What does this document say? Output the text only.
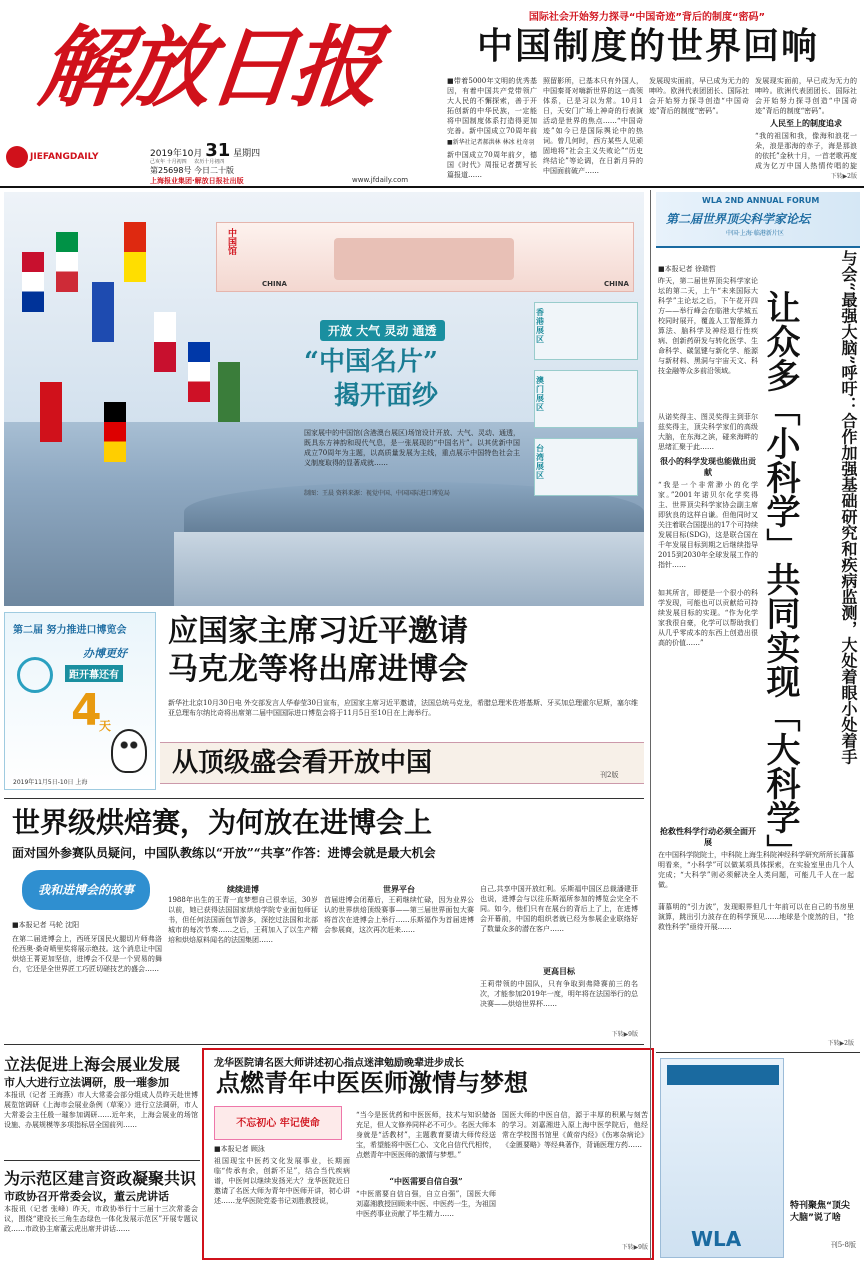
解放日报
JIEFANGDAILY	2019年10月 31 星期四
己亥年 十月初四 农历十月初四
第25698号 今日二十版
上海报业集团·解放日报社出版	www.jfdaily.com
国际社会开始努力探寻“中国奇迹”背后的制度“密码”
中国制度的世界回响
■带着5000年文明的优秀基因，有着中国共产党带领广大人民的不懈探索，善于开拓创新的中华民族，一定能将中国制度体系打造得更加完善。新中国成立70周年前
■新华社记者郝洪林 林冰 杜奇羽
新中国成立70周年前夕，德国《时代》周报记者撰写长篇报道……
照留影所，已基本只有外国人，中国秦哥对嗨新世界的这一高领体系，已是习以为常。10月1日，天安门广场上神奇的行表演活动是世界的焦点……“中国奇迹”如今已是国际舆论中的热词。曾几何时，西方某些人见顽固地将“社会主义失败论”“历史终结论”等论调，在日新月异的中国面前破产……
发展现实面前，早已成为无力的呻吟。欧洲代表团团长、国际社会开始努力探寻创造“中国奇迹”背后的制度“密码”。
发展现实面前，早已成为无力的呻吟。欧洲代表团团长、国际社会开始努力探寻创造“中国奇迹”背后的制度“密码”。
人民至上的制度追求
“我的祖国和我，像海和浪花一朵，浪是那海的赤子，海是那浪的依托”金秋十月，一首老歌再度成为亿万中国人热情传唱的旋
下转▶2版
中国馆
CHINA	CHINA
香港展区
澳门展区
台湾展区
开放 大气 灵动 通透
“中国名片”
揭开面纱
国家展中的中国馆(含港澳台展区)场馆设计开放、大气、灵动、通透，既具东方神韵和现代气息，是一张展现的“中国名片”。以其优新中国成立70周年为主题，以高质量发展为主线，重点展示中国特色社会主义制度取得的显著成就……
制图：王晨 资料来源：视觉中国、中国国际进口博览局
第二届 努力推进口博览会
办博更好
距开幕还有
4
天
2019年11月5日-10日 上海
应国家主席习近平邀请
马克龙等将出席进博会
新华社北京10月30日电 外交部发言人华春莹30日宣布，应国家主席习近平邀请，法国总统马克龙，希腊总理米佐塔基斯、牙买加总理霍尔尼斯，塞尔维亚总理布尔纳比奇将出席第二届中国国际进口博览会将于11月5日至10日在上海举行。
从顶级盛会看开放中国	刊2版
世界级烘焙赛，为何放在进博会上
面对国外参赛队员疑问，中国队教练以“开放”“共享”作答：进博会就是最大机会
我和进博会的故事
■本报记者 马轮 沈阳
在第二届进博会上，西班牙国民火腿切片师弗洛伦西奥·桑奇喷里奖将展示绝技。这个消息让中国烘焙王菁更加坚信，进博会不仅是一个贸易的舞台，它还是全世界匠工巧匠切磋技艺的盛会……
续续进博
1988年出生的王青一直梦想自己很幸运，30岁以前，她已获得法国国家烘焙学院专业面包师证书，但任何法国面包节游多，深挖过法国和北部城市的每次节奏……之后，王莉加入了以生产精培和烘焙原料闻名的法国集团……
世界平台
首届进博会闭幕后，王莉继续忙碌，因为业界公认的世界烘焙顶级赛事——第三届世界面包大赛将首次在进博会上举行……乐斯福作为首届进博会参展商，这次再次赶来……
自己,共享中国开放红利。乐斯福中国区总裁潘建菲也说，进博会与以往乐斯福所参加的博览会完全不同。如今，他们只有在展台的背后上了上，在进博会开幕前，中国的组织者就已经为参展企业联络好了数量众多的潜在客户……
更高目标
王莉带领的中国队，只有争取到弗降赛前三的名次，才能参加2019年一度，明年将在法国举行的总决赛——烘焙世界杯……
下转▶9版
立法促进上海会展业发展
市人大进行立法调研，殷一璀参加
本报讯（记者 王海燕）市人大常委会部分组成人员昨天赴世博展览馆调研《上海市会展业条例（草案）》进行立法调研，市人大常委会主任殷一璀参加调研……近年来，上海会展业的场馆设施、办展规模等多项指标居全国前列……
为示范区建言资政凝聚共识
市政协召开常委会议，董云虎讲话
本报讯（记者 张峰）昨天，市政协举行十三届十三次常委会议，围绕“建设长三角生态绿色一体化发展示范区”开展专题议政……市政协主席董云虎出席并讲话……
龙华医院请名医大师讲述初心指点迷津勉励晚辈进步成长
点燃青年中医医师激情与梦想
不忘初心 牢记使命
■本报记者 顾泳
祖国现宝中医药文化发展事业，长期面临“传承有余，创新不足”，结合当代疾病谱，中医何以继续发扬光大？龙华医院近日邀请了名医大师为青年中医师开讲，初心讲述……龙华医院党委书记刘胜教授说，
“当今是医优药和中医医师，技术与知识储备充足，但人文修养同样必不可少。名医大师本身就是“活教材”，主题教育要请大师传经送宝，希望能将中医仁心、文化自信代代相传，点燃青年中医医师的激情与梦想。”
“中医需要自信自强”
“中医需要自信自强，自立自强”，国医大师刘嘉湘教授回顾来中医、中医药一生，为祖国中医药事业贡献了毕生精力……
国医大师的中医自信，源于丰厚的积累与刻苦的学习。刘嘉湘进入原上海中医学院后，他经常在学校图书馆里《黄帝内经》《伤寒杂病论》《金匮要略》等经典著作，背诵医理方药……
下转▶9版
WLA 2ND ANNUAL FORUM
第二届世界顶尖科学家论坛
中国·上海·临港新片区
■本报记者 徐瑞哲
昨天，第二届世界顶尖科学家论坛的第二天，上午“未来国际大科学”主论坛之后，下午花开四方——举行峰会在临港大学城五校同时展开，覆盖人工智能算力算法、脑科学及神经退行性疾病、创新药研发与转化医学、生命科学、碳氢键与新化学、能源与新材料、黑洞与宇宙天文、科技金融等众多前沿领域。
从诺奖得主、图灵奖得主到菲尔兹奖得主，顶尖科学家们的高级大脑，在东海之滨，碰来海畔的思绪汇聚于此……
很小的科学发现也能做出贡献
“我是一个非常渺小的化学家。”2001年诺贝尔化学奖得主、世界顶尖科学家协会副主席即狄良的这样自谦。但他同时又关注着联合国提出的17个可持续发展目标(SDG)，这是联合国在千年发展目标到期之后继续指导2015到2030年全球发展工作的指针……
如其所言，即便是一个很小的科学发现，可能也可以贡献给可持续发展目标的实现。“作为化学家我很自豪，化学可以帮助我们从几乎零成本的东西上创造出很高的价值……”	让众多「小科学」共同实现「大科学」	与会“最强大脑”呼吁：合作加强基础研究和疾病监测，大处着眼小处着手
抢救性科学行动必须全面开展
在中国科学院院士，中科院上海生科院神经科学研究所所长蒲慕明看来，“小科学”可以做某项具体探索，在实验室里由几个人完成；“大科学”则必须解决全人类问题，可能几千人在一起做。
蒲慕明的“引力波”，发现眼界但几十年前可以在自己的书房里演算，跳出引力波存在的科学预见……地球是个庞然的目，“抢救性科学”亟待开展……
下转▶2版
WLA
特刊聚焦“顶尖大脑”说了啥
刊5-8版
